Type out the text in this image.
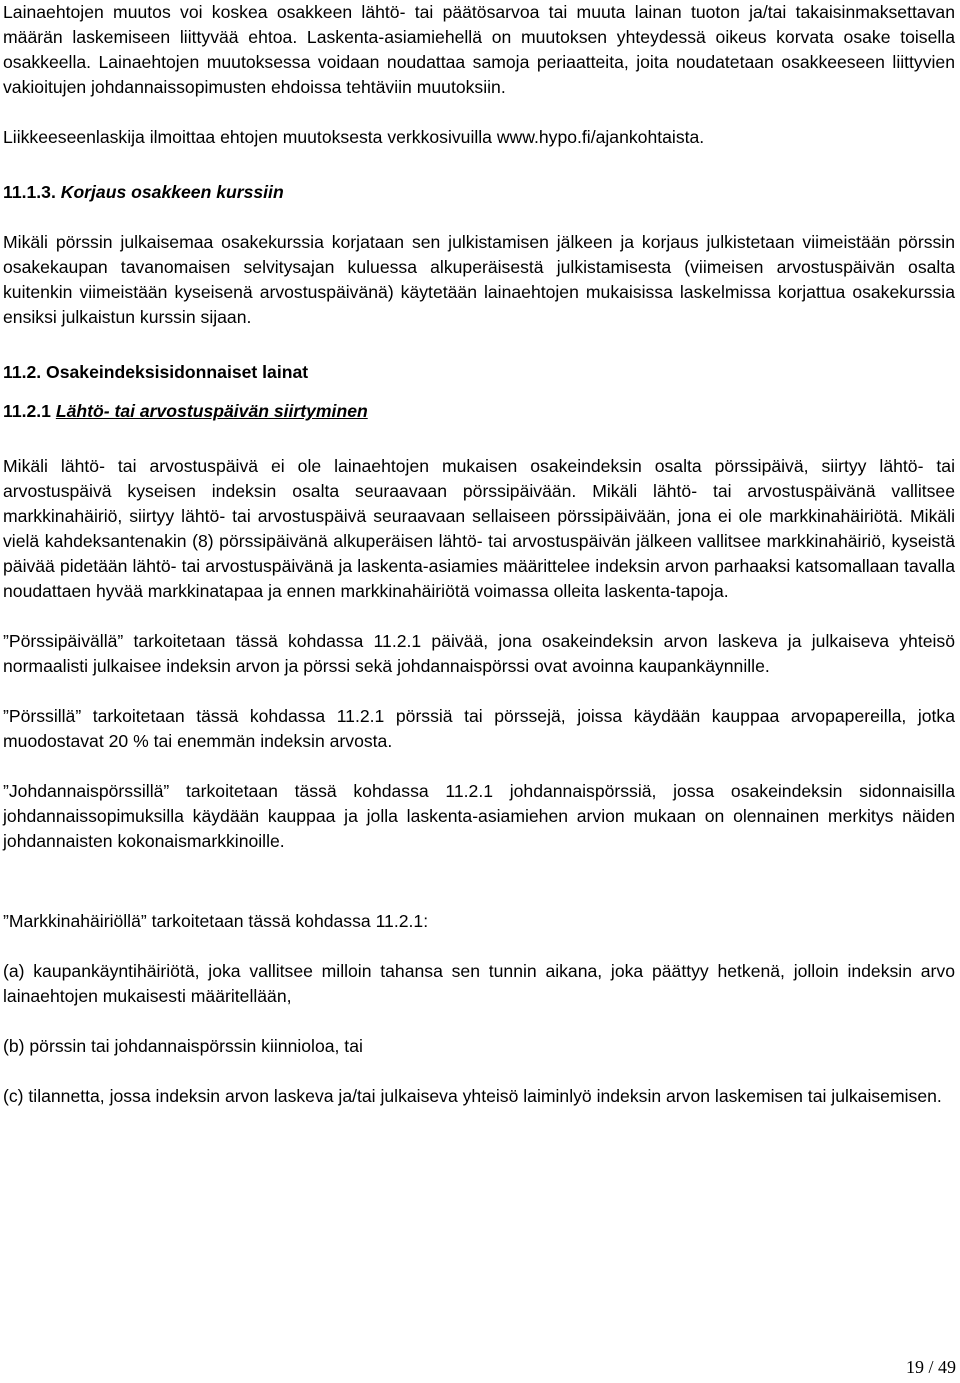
Lainaehtojen muutos voi koskea osakkeen lähtö- tai päätösarvoa tai muuta lainan tuoton ja/tai takaisinmaksettavan määrän laskemiseen liittyvää ehtoa. Laskenta-asiamiehellä on muutoksen yhteydessä oikeus korvata osake toisella osakkeella. Lainaehtojen muutoksessa voidaan noudattaa samoja periaatteita, joita noudatetaan osakkeeseen liittyvien vakioitujen johdannaissopimusten ehdoissa tehtäviin muutoksiin.

Liikkeeseenlaskija ilmoittaa ehtojen muutoksesta verkkosivuilla www.hypo.fi/ajankohtaista.

11.1.3. Korjaus osakkeen kurssiin

Mikäli pörssin julkaisemaa osakekurssia korjataan sen julkistamisen jälkeen ja korjaus julkistetaan viimeistään pörssin osakekaupan tavanomaisen selvitysajan kuluessa alkuperäisestä julkistamisesta (viimeisen arvostuspäivän osalta kuitenkin viimeistään kyseisenä arvostuspäivänä) käytetään lainaehtojen mukaisissa laskelmissa korjattua osakekurssia ensiksi julkaistun kurssin sijaan.

11.2. Osakeindeksisidonnaiset lainat

11.2.1 Lähtö- tai arvostuspäivän siirtyminen

Mikäli lähtö- tai arvostuspäivä ei ole lainaehtojen mukaisen osakeindeksin osalta pörssipäivä, siirtyy lähtö- tai arvostuspäivä kyseisen indeksin osalta seuraavaan pörssipäivään. Mikäli lähtö- tai arvostuspäivänä vallitsee markkinahäiriö, siirtyy lähtö- tai arvostuspäivä seuraavaan sellaiseen pörssipäivään, jona ei ole markkinahäiriötä. Mikäli vielä kahdeksantenakin (8) pörssipäivänä alkuperäisen lähtö- tai arvostuspäivän jälkeen vallitsee markkinahäiriö, kyseistä päivää pidetään lähtö- tai arvostuspäivänä ja laskenta-asiamies määrittelee indeksin arvon parhaaksi katsomallaan tavalla noudattaen hyvää markkinatapaa ja ennen markkinahäiriötä voimassa olleita laskenta-tapoja.

”Pörssipäivällä” tarkoitetaan tässä kohdassa 11.2.1 päivää, jona osakeindeksin arvon laskeva ja julkaiseva yhteisö normaalisti julkaisee indeksin arvon ja pörssi sekä johdannaispörssi ovat avoinna kaupankäynnille.

”Pörssillä” tarkoitetaan tässä kohdassa 11.2.1 pörssiä tai pörssejä, joissa käydään kauppaa arvopapereilla, jotka muodostavat 20 % tai enemmän indeksin arvosta.

”Johdannaispörssillä” tarkoitetaan tässä kohdassa 11.2.1 johdannaispörssiä, jossa osakeindeksin sidonnaisilla johdannaissopimuksilla käydään kauppaa ja jolla laskenta-asiamiehen arvion mukaan on olennainen merkitys näiden johdannaisten kokonaismarkkinoille.

”Markkinahäiriöllä” tarkoitetaan tässä kohdassa 11.2.1:

(a) kaupankäyntihäiriötä, joka vallitsee milloin tahansa sen tunnin aikana, joka päättyy hetkenä, jolloin indeksin arvo lainaehtojen mukaisesti määritellään,

(b) pörssin tai johdannaispörssin kiinnioloa, tai

(c) tilannetta, jossa indeksin arvon laskeva ja/tai julkaiseva yhteisö laiminlyö indeksin arvon laskemisen tai julkaisemisen.

19 / 49
